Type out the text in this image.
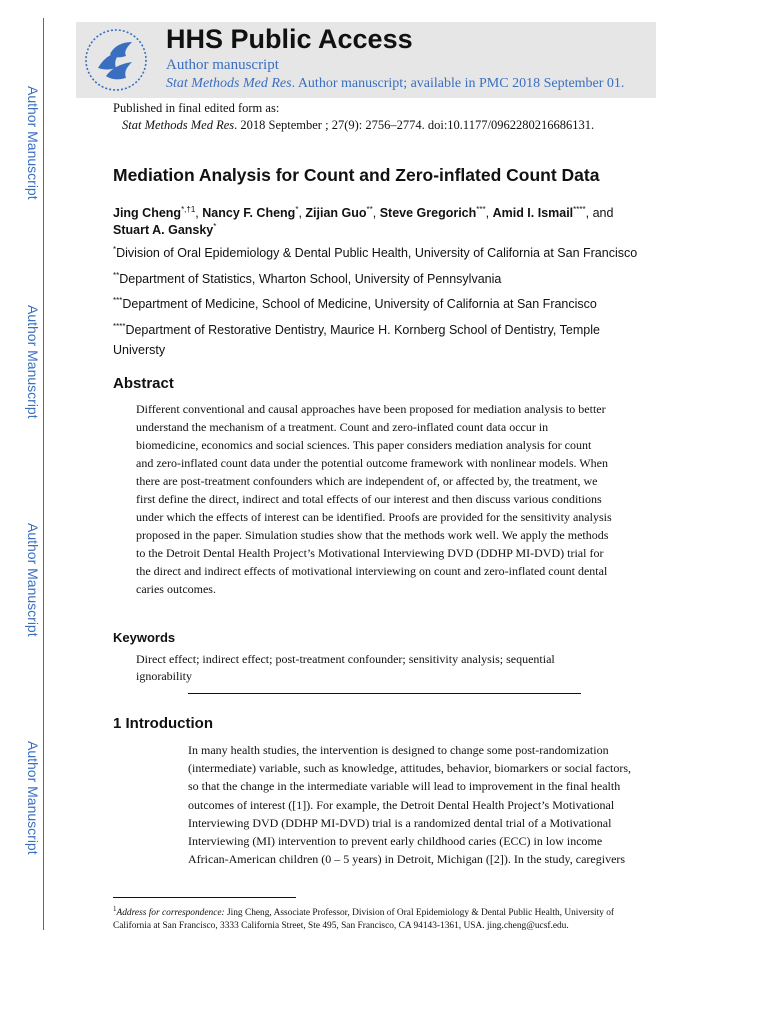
Author Manuscript
Author Manuscript
Author Manuscript
Author Manuscript
HHS Public Access
Author manuscript
Stat Methods Med Res. Author manuscript; available in PMC 2018 September 01.
Published in final edited form as:
Stat Methods Med Res. 2018 September ; 27(9): 2756–2774. doi:10.1177/0962280216686131.
Mediation Analysis for Count and Zero-inflated Count Data
Jing Cheng$^{*,\dagger 1}$, Nancy F. Cheng*, Zijian Guo**, Steve Gregorich***, Amid I. Ismail****, and
Stuart A. Gansky*
*Division of Oral Epidemiology & Dental Public Health, University of California at San Francisco
**Department of Statistics, Wharton School, University of Pennsylvania
***Department of Medicine, School of Medicine, University of California at San Francisco
****Department of Restorative Dentistry, Maurice H. Kornberg School of Dentistry, Temple
Universty
Abstract
Different conventional and causal approaches have been proposed for mediation analysis to better
understand the mechanism of a treatment. Count and zero-inflated count data occur in
biomedicine, economics and social sciences. This paper considers mediation analysis for count
and zero-inflated count data under the potential outcome framework with nonlinear models. When
there are post-treatment confounders which are independent of, or affected by, the treatment, we
first define the direct, indirect and total effects of our interest and then discuss various conditions
under which the effects of interest can be identified. Proofs are provided for the sensitivity analysis
proposed in the paper. Simulation studies show that the methods work well. We apply the methods
to the Detroit Dental Health Project’s Motivational Interviewing DVD (DDHP MI-DVD) trial for
the direct and indirect effects of motivational interviewing on count and zero-inflated count dental
caries outcomes.
Keywords
Direct effect; indirect effect; post-treatment confounder; sensitivity analysis; sequential
ignorability
1 Introduction
In many health studies, the intervention is designed to change some post-randomization
(intermediate) variable, such as knowledge, attitudes, behavior, biomarkers or social factors,
so that the change in the intermediate variable will lead to improvement in the final health
outcomes of interest ([1]). For example, the Detroit Dental Health Project’s Motivational
Interviewing DVD (DDHP MI-DVD) trial is a randomized dental trial of a Motivational
Interviewing (MI) intervention to prevent early childhood caries (ECC) in low income
African-American children (0 – 5 years) in Detroit, Michigan ([2]). In the study, caregivers
$^1$Address for correspondence: Jing Cheng, Associate Professor, Division of Oral Epidemiology & Dental Public Health, University of
California at San Francisco, 3333 California Street, Ste 495, San Francisco, CA 94143-1361, USA. jing.cheng@ucsf.edu.
